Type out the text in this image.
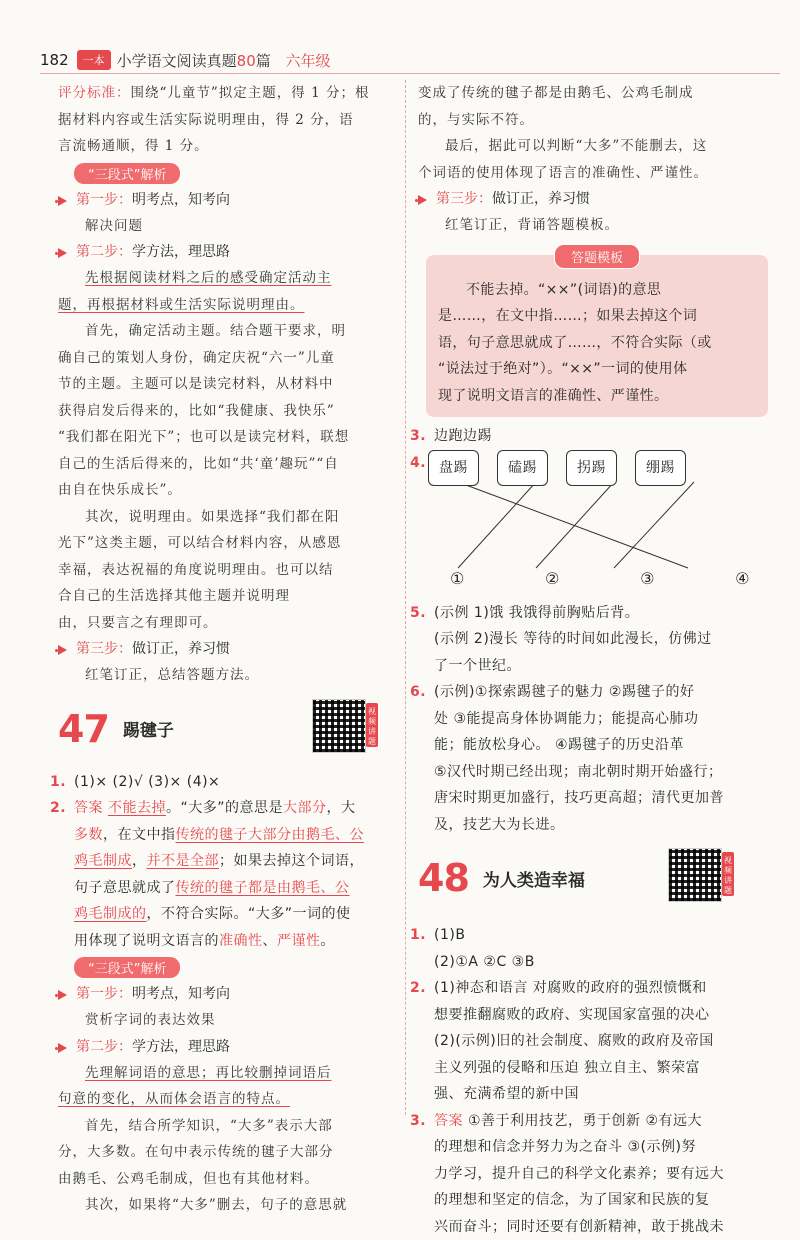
182	一本 小学语文阅读真题80篇 六年级
评分标准：围绕“儿童节”拟定主题，得 1 分；根
据材料内容或生活实际说明理由，得 2 分，语
言流畅通顺，得 1 分。
“三段式”解析
第一步：明考点，知考向
解决问题
第二步：学方法，理思路
先根据阅读材料之后的感受确定活动主
题，再根据材料或生活实际说明理由。
首先，确定活动主题。结合题干要求，明
确自己的策划人身份，确定庆祝“六一”儿童
节的主题。主题可以是读完材料，从材料中
获得启发后得来的，比如“我健康、我快乐”
“我们都在阳光下”；也可以是读完材料，联想
自己的生活后得来的，比如“共‘童’趣玩”“自
由自在快乐成长”。
其次，说明理由。如果选择“我们都在阳
光下”这类主题，可以结合材料内容，从感恩
幸福，表达祝福的角度说明理由。也可以结
合自己的生活选择其他主题并说明理
由，只要言之有理即可。
第三步：做订正，养习惯
红笔订正，总结答题方法。
47 踢毽子
视频讲题
1. (1)× (2)√ (3)× (4)×
2. 答案 不能去掉。“大多”的意思是大部分，大
多数，在文中指传统的毽子大部分由鹅毛、公
鸡毛制成，并不是全部；如果去掉这个词语，
句子意思就成了传统的毽子都是由鹅毛、公
鸡毛制成的，不符合实际。“大多”一词的使
用体现了说明文语言的准确性、严谨性。
“三段式”解析
第一步：明考点，知考向
赏析字词的表达效果
第二步：学方法，理思路
先理解词语的意思；再比较删掉词语后
句意的变化，从而体会语言的特点。
首先，结合所学知识，“大多”表示大部
分，大多数。在句中表示传统的毽子大部分
由鹅毛、公鸡毛制成，但也有其他材料。
其次，如果将“大多”删去，句子的意思就
变成了传统的毽子都是由鹅毛、公鸡毛制成
的，与实际不符。
最后，据此可以判断“大多”不能删去，这
个词语的使用体现了语言的准确性、严谨性。
第三步：做订正，养习惯
红笔订正，背诵答题模板。
答题模板
不能去掉。“××”(词语)的意思
是……，在文中指……；如果去掉这个词
语，句子意思就成了……，不符合实际（或
“说法过于绝对”）。“××”一词的使用体
现了说明文语言的准确性、严谨性。
3. 边跑边踢
4. 盘踢	磕踢	拐踢	绷踢
①	②	③	④
5. (示例 1)饿 我饿得前胸贴后背。
(示例 2)漫长 等待的时间如此漫长，仿佛过
了一个世纪。
6. (示例)①探索踢毽子的魅力 ②踢毽子的好
处 ③能提高身体协调能力；能提高心肺功
能；能放松身心。 ④踢毽子的历史沿革
⑤汉代时期已经出现；南北朝时期开始盛行；
唐宋时期更加盛行，技巧更高超；清代更加普
及，技艺大为长进。
48 为人类造幸福
视频讲题
1. (1)B
(2)①A ②C ③B
2. (1)神态和语言 对腐败的政府的强烈愤慨和
想要推翻腐败的政府、实现国家富强的决心
(2)(示例)旧的社会制度、腐败的政府及帝国
主义列强的侵略和压迫 独立自主、繁荣富
强、充满希望的新中国
3. 答案 ①善于利用技艺，勇于创新 ②有远大
的理想和信念并努力为之奋斗 ③(示例)努
力学习，提升自己的科学文化素养；要有远大
的理想和坚定的信念，为了国家和民族的复
兴而奋斗；同时还要有创新精神，敢于挑战未
